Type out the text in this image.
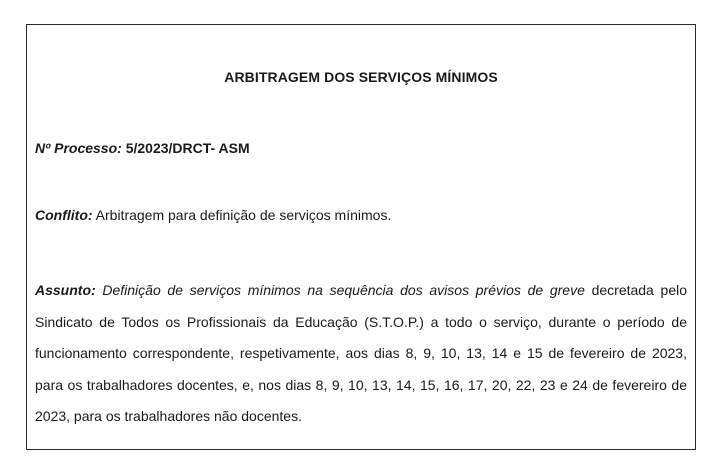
ARBITRAGEM DOS SERVIÇOS MÍNIMOS
Nº Processo: 5/2023/DRCT- ASM
Conflito: Arbitragem para definição de serviços mínimos.
Assunto: Definição de serviços mínimos na sequência dos avisos prévios de greve decretada pelo Sindicato de Todos os Profissionais da Educação (S.T.O.P.) a todo o serviço, durante o período de funcionamento correspondente, respetivamente, aos dias 8, 9, 10, 13, 14 e 15 de fevereiro de 2023, para os trabalhadores docentes, e, nos dias 8, 9, 10, 13, 14, 15, 16, 17, 20, 22, 23 e 24 de fevereiro de 2023, para os trabalhadores não docentes.
